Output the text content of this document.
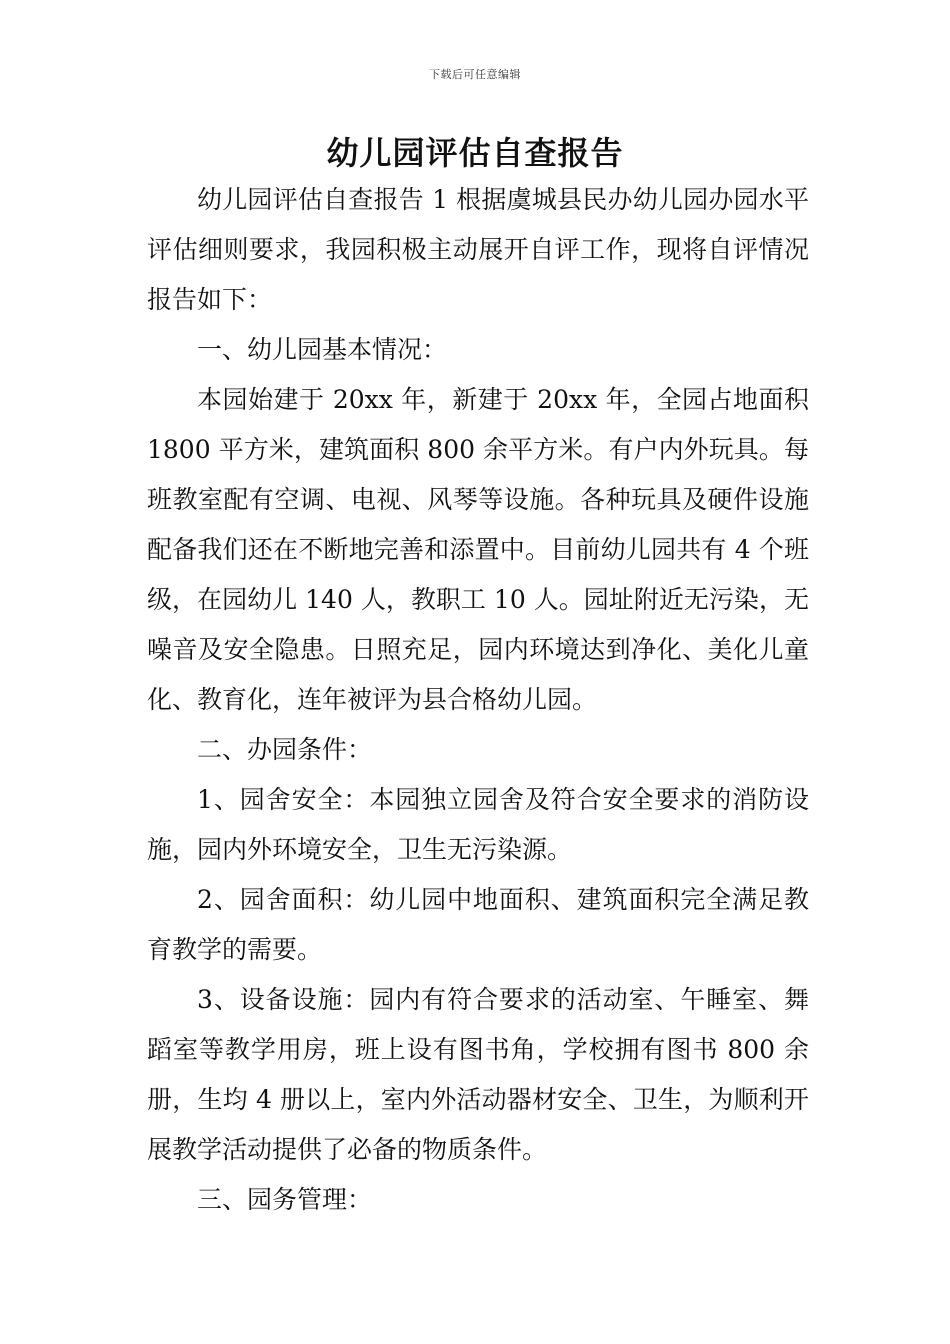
下载后可任意编辑
幼儿园评估自查报告

幼儿园评估自查报告 1 根据虞城县民办幼儿园办园水平评估细则要求，我园积极主动展开自评工作，现将自评情况报告如下：

一、幼儿园基本情况：

本园始建于 20xx 年，新建于 20xx 年，全园占地面积 1800 平方米，建筑面积 800 余平方米。有户内外玩具。每班教室配有空调、电视、风琴等设施。各种玩具及硬件设施配备我们还在不断地完善和添置中。目前幼儿园共有 4 个班级，在园幼儿 140 人，教职工 10 人。园址附近无污染，无噪音及安全隐患。日照充足，园内环境达到净化、美化儿童化、教育化，连年被评为县合格幼儿园。

二、办园条件：

1、园舍安全：本园独立园舍及符合安全要求的消防设施，园内外环境安全，卫生无污染源。

2、园舍面积：幼儿园中地面积、建筑面积完全满足教育教学的需要。

3、设备设施：园内有符合要求的活动室、午睡室、舞蹈室等教学用房，班上设有图书角，学校拥有图书 800 余册，生均 4 册以上，室内外活动器材安全、卫生，为顺利开展教学活动提供了必备的物质条件。

三、园务管理：
